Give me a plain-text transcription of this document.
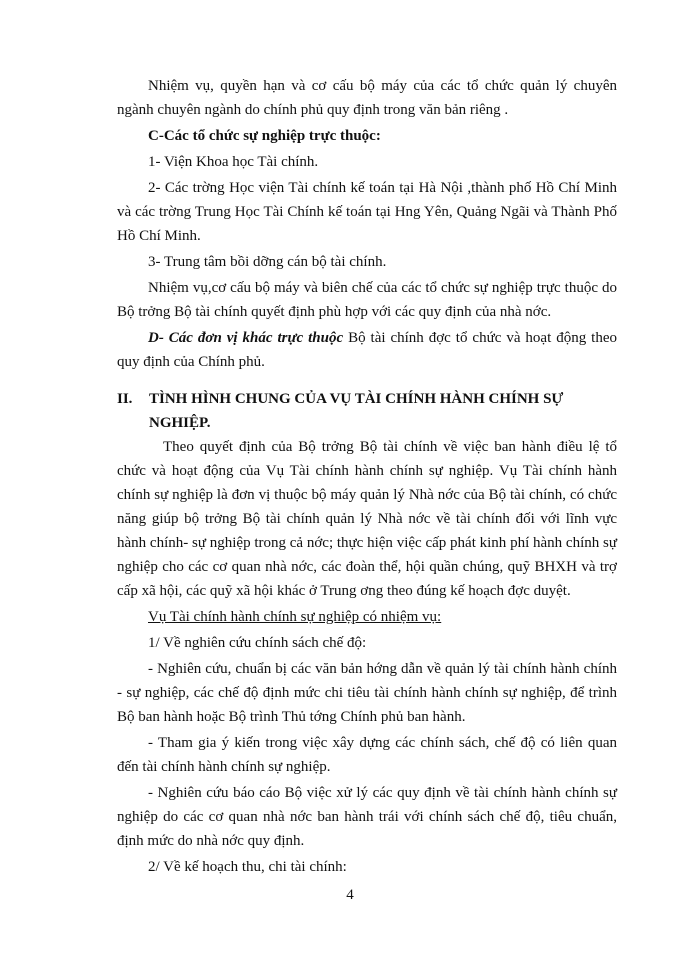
Nhiệm vụ, quyền hạn và cơ cấu bộ máy của các tổ chức quản lý chuyên ngành chuyên ngành do chính phủ quy định trong văn bản riêng .

C-Các tổ chức sự nghiệp trực thuộc:

1- Viện Khoa học Tài chính.

2- Các trờng Học viện Tài chính kế toán tại Hà Nội ,thành phố Hồ Chí Minh và các trờng Trung Học Tài Chính kế toán tại Hng Yên, Quảng Ngãi và Thành Phố Hồ Chí Minh.

3- Trung tâm bồi dỡng cán bộ tài chính.

Nhiệm vụ,cơ cấu bộ máy và biên chế của các tổ chức sự nghiệp trực thuộc do Bộ trởng Bộ tài chính quyết định phù hợp với các quy định của nhà nớc.

D- Các đơn vị khác trực thuộc Bộ tài chính đợc tổ chức và hoạt động theo quy định của Chính phủ.

II. TÌNH HÌNH CHUNG CỦA VỤ TÀI CHÍNH HÀNH CHÍNH SỰ NGHIỆP.

Theo quyết định của Bộ trởng Bộ tài chính về việc ban hành điều lệ tổ chức và hoạt động của Vụ Tài chính hành chính sự nghiệp. Vụ Tài chính hành chính sự nghiệp là đơn vị thuộc bộ máy quản lý Nhà nớc của Bộ tài chính, có chức năng giúp bộ trởng Bộ tài chính quản lý Nhà nớc về tài chính đối với lĩnh vực hành chính- sự nghiệp trong cả nớc; thực hiện việc cấp phát kinh phí hành chính sự nghiệp cho các cơ quan nhà nớc, các đoàn thể, hội quần chúng, quỹ BHXH và trợ cấp xã hội, các quỹ xã hội khác ở Trung ơng theo đúng kế hoạch đợc duyệt.

Vụ Tài chính hành chính sự nghiệp có nhiệm vụ:

1/ Về nghiên cứu chính sách chế độ:

- Nghiên cứu, chuẩn bị các văn bản hớng dẫn về quản lý tài chính hành chính - sự nghiệp, các chế độ định mức chi tiêu tài chính hành chính sự nghiệp, để trình Bộ ban hành hoặc Bộ trình Thủ tớng Chính phủ ban hành.

- Tham gia ý kiến trong việc xây dựng các chính sách, chế độ có liên quan đến tài chính hành chính sự nghiệp.

- Nghiên cứu báo cáo Bộ việc xử lý các quy định về tài chính hành chính sự nghiệp do các cơ quan nhà nớc ban hành trái với chính sách chế độ, tiêu chuẩn, định mức do nhà nớc quy định.

2/ Về kế hoạch thu, chi tài chính:

4
